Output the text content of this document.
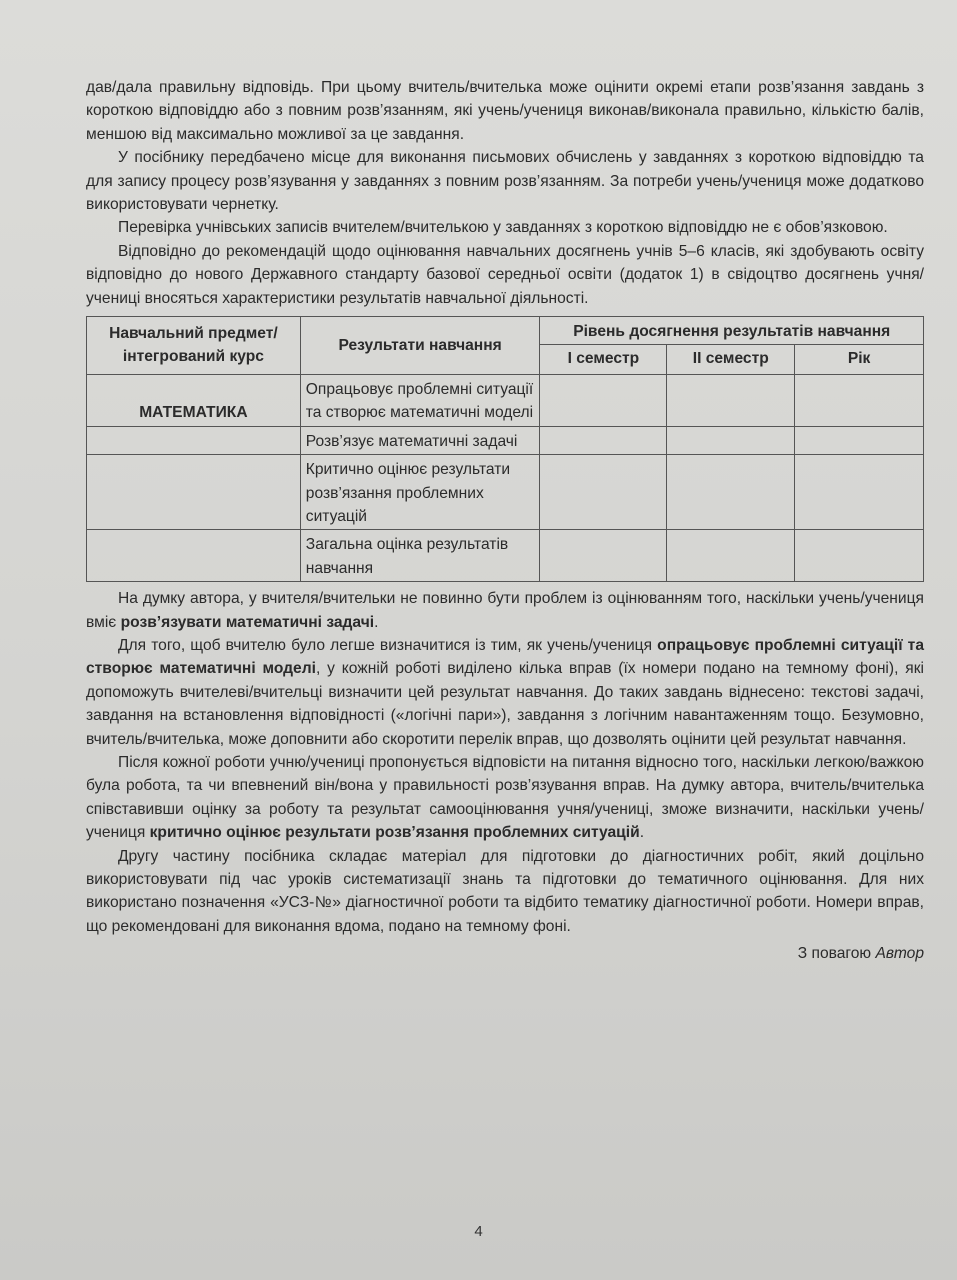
дав/дала правильну відповідь. При цьому вчитель/вчителька може оцінити окремі етапи розв’язання завдань з короткою відповіддю або з повним розв’язанням, які учень/учениця виконав/виконала правильно, кількістю балів, меншою від максимально можливої за це завдання.

У посібнику передбачено місце для виконання письмових обчислень у завданнях з короткою відповіддю та для запису процесу розв’язування у завданнях з повним розв’язанням. За потреби учень/учениця може додатково використовувати чернетку.

Перевірка учнівських записів вчителем/вчителькою у завданнях з короткою відповіддю не є обов’язковою.

Відповідно до рекомендацій щодо оцінювання навчальних досягнень учнів 5–6 класів, які здобувають освіту відповідно до нового Державного стандарту базової середньої освіти (додаток 1) в свідоцтво досягнень учня/учениці вносяться характеристики результатів навчальної діяльності.

Навчальний предмет/ інтегрований курс	Результати навчання	Рівень досягнення результатів навчання		
		І семестр	ІІ семестр	Рік
МАТЕМАТИКА	Опрацьовує проблемні ситуації та створює математичні моделі			
	Розв’язує математичні задачі			
	Критично оцінює результати розв’язання проблемних ситуацій			
	Загальна оцінка результатів навчання			

На думку автора, у вчителя/вчительки не повинно бути проблем із оцінюванням того, наскільки учень/учениця вміє розв’язувати математичні задачі.

Для того, щоб вчителю було легше визначитися із тим, як учень/учениця опрацьовує проблемні ситуації та створює математичні моделі, у кожній роботі виділено кілька вправ (їх номери подано на темному фоні), які допоможуть вчителеві/вчительці визначити цей результат навчання. До таких завдань віднесено: текстові задачі, завдання на встановлення відповідності («логічні пари»), завдання з логічним навантаженням тощо. Безумовно, вчитель/вчителька, може доповнити або скоротити перелік вправ, що дозволять оцінити цей результат навчання.

Після кожної роботи учню/учениці пропонується відповісти на питання відносно того, наскільки легкою/важкою була робота, та чи впевнений він/вона у правильності розв’язування вправ. На думку автора, вчитель/вчителька співставивши оцінку за роботу та результат самооцінювання учня/учениці, зможе визначити, наскільки учень/учениця критично оцінює результати розв’язання проблемних ситуацій.

Другу частину посібника складає матеріал для підготовки до діагностичних робіт, який доцільно використовувати під час уроків систематизації знань та підготовки до тематичного оцінювання. Для них використано позначення «УСЗ-№» діагностичної роботи та відбито тематику діагностичної роботи. Номери вправ, що рекомендовані для виконання вдома, подано на темному фоні.

З повагою Автор

4
